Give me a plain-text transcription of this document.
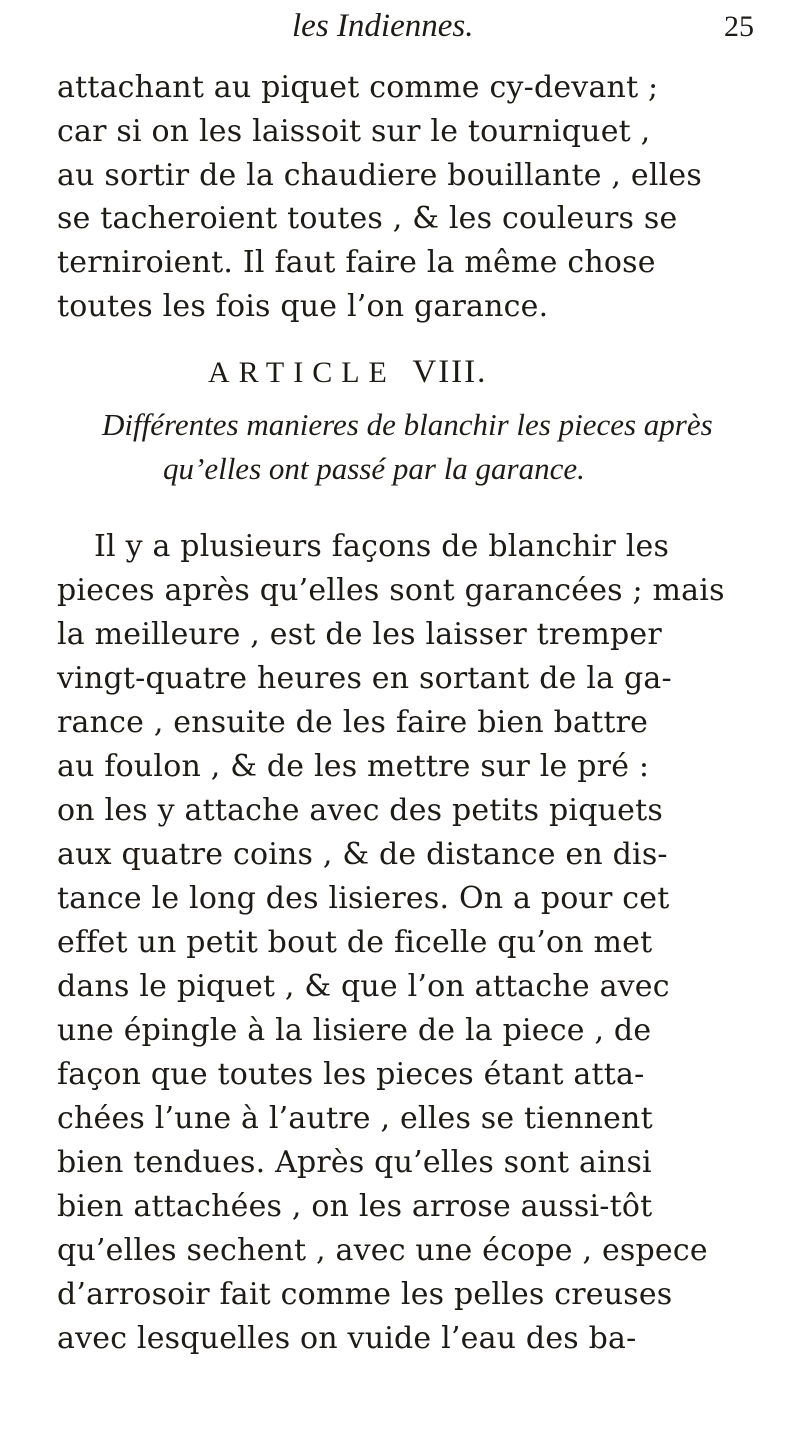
les Indiennes.	25
attachant au piquet comme cy-devant ;
car si on les laissoit sur le tourniquet ,
au sortir de la chaudiere bouillante , elles
se tacheroient toutes , & les couleurs se
terniroient. Il faut faire la même chose
toutes les fois que l’on garance.
ARTICLE VIII.
Différentes manieres de blanchir les pieces après
qu’elles ont passé par la garance.
Il y a plusieurs façons de blanchir les
pieces après qu’elles sont garancées ; mais
la meilleure , est de les laisser tremper
vingt-quatre heures en sortant de la ga-
rance , ensuite de les faire bien battre
au foulon , & de les mettre sur le pré :
on les y attache avec des petits piquets
aux quatre coins , & de distance en dis-
tance le long des lisieres. On a pour cet
effet un petit bout de ficelle qu’on met
dans le piquet , & que l’on attache avec
une épingle à la lisiere de la piece , de
façon que toutes les pieces étant atta-
chées l’une à l’autre , elles se tiennent
bien tendues. Après qu’elles sont ainsi
bien attachées , on les arrose aussi-tôt
qu’elles sechent , avec une écope , espece
d’arrosoir fait comme les pelles creuses
avec lesquelles on vuide l’eau des ba-
